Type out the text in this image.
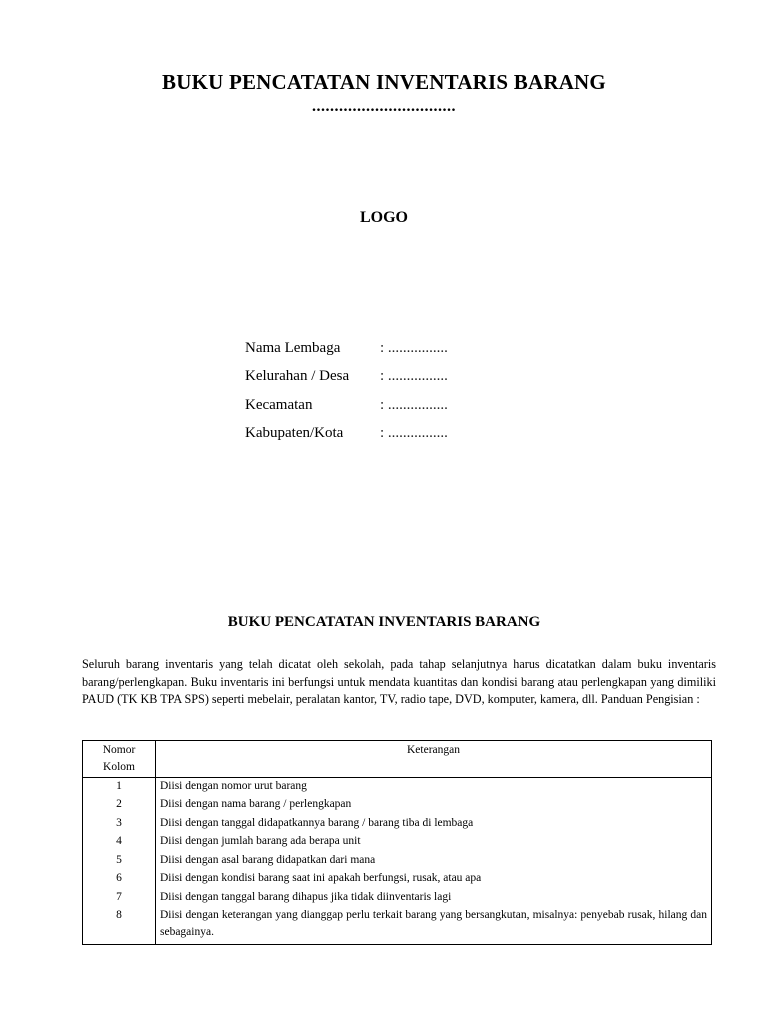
BUKU PENCATATAN INVENTARIS BARANG
................................
LOGO
Nama Lembaga	: ................
Kelurahan / Desa	: ................
Kecamatan	: ................
Kabupaten/Kota	: ................
BUKU PENCATATAN INVENTARIS BARANG
Seluruh barang inventaris yang telah dicatat oleh sekolah, pada tahap selanjutnya harus dicatatkan dalam buku inventaris barang/perlengkapan. Buku inventaris ini berfungsi untuk mendata kuantitas dan kondisi barang atau perlengkapan yang dimiliki PAUD (TK KB TPA SPS) seperti mebelair, peralatan kantor, TV, radio tape, DVD, komputer, kamera, dll. Panduan Pengisian :
Nomor Kolom	Keterangan
1	Diisi dengan nomor urut barang
2	Diisi dengan nama barang / perlengkapan
3	Diisi dengan tanggal didapatkannya barang / barang tiba di lembaga
4	Diisi dengan jumlah barang ada berapa unit
5	Diisi dengan asal barang didapatkan dari mana
6	Diisi dengan kondisi barang saat ini apakah berfungsi, rusak, atau apa
7	Diisi dengan tanggal barang dihapus jika tidak diinventaris lagi
8	Diisi dengan keterangan yang dianggap perlu terkait barang yang bersangkutan, misalnya: penyebab rusak, hilang dan sebagainya.
